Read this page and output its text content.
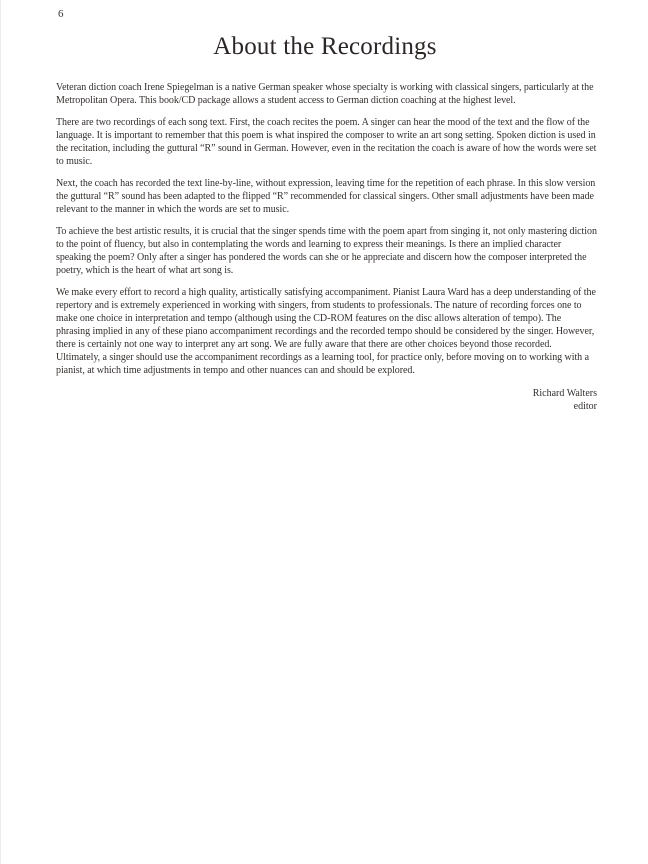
6
About the Recordings

Veteran diction coach Irene Spiegelman is a native German speaker whose specialty is working with classical singers, particularly at the Metropolitan Opera. This book/CD package allows a student access to German diction coaching at the highest level.

There are two recordings of each song text. First, the coach recites the poem. A singer can hear the mood of the text and the flow of the language. It is important to remember that this poem is what inspired the composer to write an art song setting. Spoken diction is used in the recitation, including the guttural “R” sound in German. However, even in the recitation the coach is aware of how the words were set to music.

Next, the coach has recorded the text line-by-line, without expression, leaving time for the repetition of each phrase. In this slow version the guttural “R” sound has been adapted to the flipped “R” recommended for classical singers. Other small adjustments have been made relevant to the manner in which the words are set to music.

To achieve the best artistic results, it is crucial that the singer spends time with the poem apart from singing it, not only mastering diction to the point of fluency, but also in contemplating the words and learning to express their meanings. Is there an implied character speaking the poem? Only after a singer has pondered the words can she or he appreciate and discern how the composer interpreted the poetry, which is the heart of what art song is.

We make every effort to record a high quality, artistically satisfying accompaniment. Pianist Laura Ward has a deep understanding of the repertory and is extremely experienced in working with singers, from students to professionals. The nature of recording forces one to make one choice in interpretation and tempo (although using the CD-ROM features on the disc allows alteration of tempo). The phrasing implied in any of these piano accompaniment recordings and the recorded tempo should be considered by the singer. However, there is certainly not one way to interpret any art song. We are fully aware that there are other choices beyond those recorded. Ultimately, a singer should use the accompaniment recordings as a learning tool, for practice only, before moving on to working with a pianist, at which time adjustments in tempo and other nuances can and should be explored.

Richard Walters
editor
